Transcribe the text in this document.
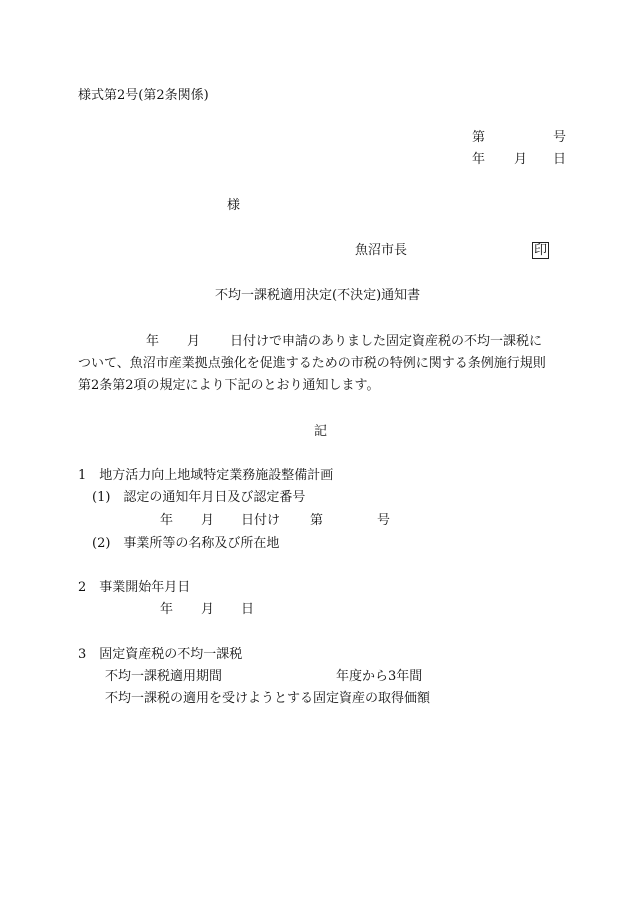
様式第2号(第2条関係)
第	号
年 月 日
様
魚沼市長	印
不均一課税適用決定(不決定)通知書
年 月 日付けで申請のありました固定資産税の不均一課税に
ついて、魚沼市産業拠点強化を促進するための市税の特例に関する条例施行規則
第2条第2項の規定により下記のとおり通知します。
記
1　地方活力向上地域特定業務施設整備計画
(1)　認定の通知年月日及び認定番号
年 月 日付け 第	号
(2)　事業所等の名称及び所在地
2　事業開始年月日
年 月 日
3　固定資産税の不均一課税
不均一課税適用期間	年度から3年間
不均一課税の適用を受けようとする固定資産の取得価額
